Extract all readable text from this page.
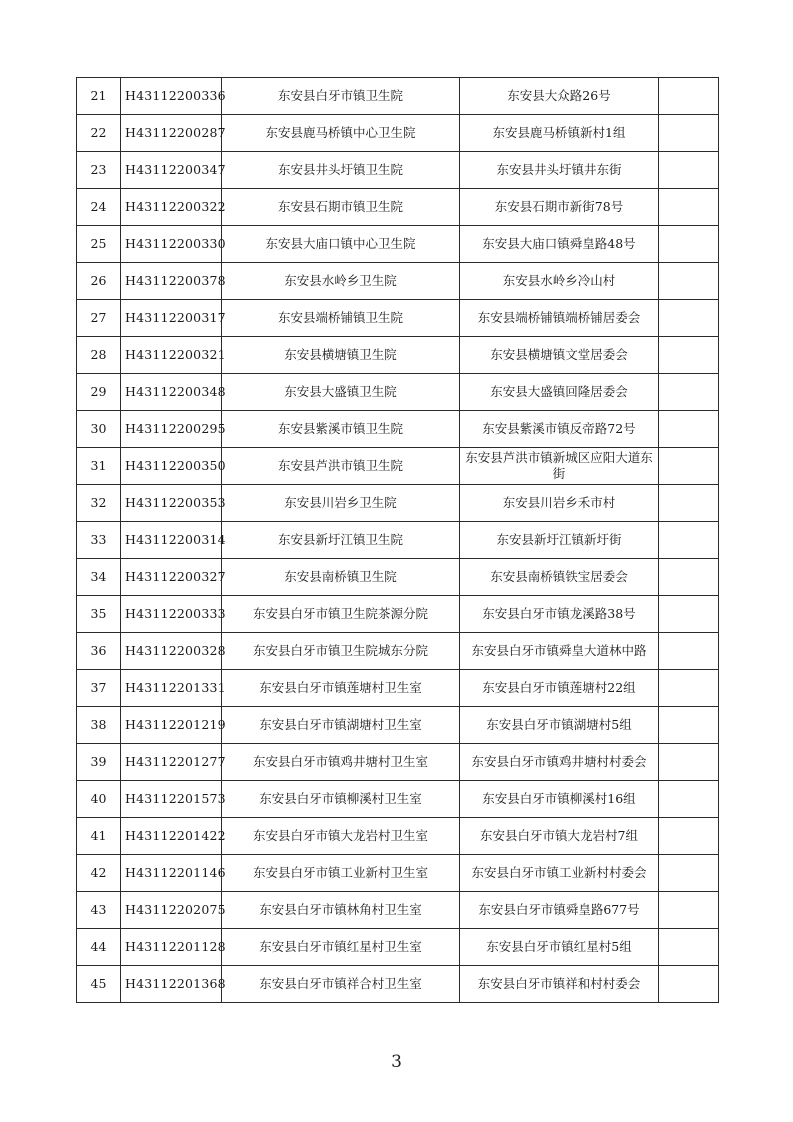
21	H43112200336	东安县白牙市镇卫生院	东安县大众路26号	
22	H43112200287	东安县鹿马桥镇中心卫生院	东安县鹿马桥镇新村1组	
23	H43112200347	东安县井头圩镇卫生院	东安县井头圩镇井东街	
24	H43112200322	东安县石期市镇卫生院	东安县石期市新街78号	
25	H43112200330	东安县大庙口镇中心卫生院	东安县大庙口镇舜皇路48号	
26	H43112200378	东安县水岭乡卫生院	东安县水岭乡冷山村	
27	H43112200317	东安县端桥铺镇卫生院	东安县端桥铺镇端桥铺居委会	
28	H43112200321	东安县横塘镇卫生院	东安县横塘镇文堂居委会	
29	H43112200348	东安县大盛镇卫生院	东安县大盛镇回隆居委会	
30	H43112200295	东安县紫溪市镇卫生院	东安县紫溪市镇反帝路72号	
31	H43112200350	东安县芦洪市镇卫生院	东安县芦洪市镇新城区应阳大道东街	
32	H43112200353	东安县川岩乡卫生院	东安县川岩乡禾市村	
33	H43112200314	东安县新圩江镇卫生院	东安县新圩江镇新圩街	
34	H43112200327	东安县南桥镇卫生院	东安县南桥镇铁宝居委会	
35	H43112200333	东安县白牙市镇卫生院茶源分院	东安县白牙市镇龙溪路38号	
36	H43112200328	东安县白牙市镇卫生院城东分院	东安县白牙市镇舜皇大道林中路	
37	H43112201331	东安县白牙市镇莲塘村卫生室	东安县白牙市镇莲塘村22组	
38	H43112201219	东安县白牙市镇湖塘村卫生室	东安县白牙市镇湖塘村5组	
39	H43112201277	东安县白牙市镇鸡井塘村卫生室	东安县白牙市镇鸡井塘村村委会	
40	H43112201573	东安县白牙市镇柳溪村卫生室	东安县白牙市镇柳溪村16组	
41	H43112201422	东安县白牙市镇大龙岩村卫生室	东安县白牙市镇大龙岩村7组	
42	H43112201146	东安县白牙市镇工业新村卫生室	东安县白牙市镇工业新村村委会	
43	H43112202075	东安县白牙市镇林角村卫生室	东安县白牙市镇舜皇路677号	
44	H43112201128	东安县白牙市镇红星村卫生室	东安县白牙市镇红星村5组	
45	H43112201368	东安县白牙市镇祥合村卫生室	东安县白牙市镇祥和村村委会	
3
